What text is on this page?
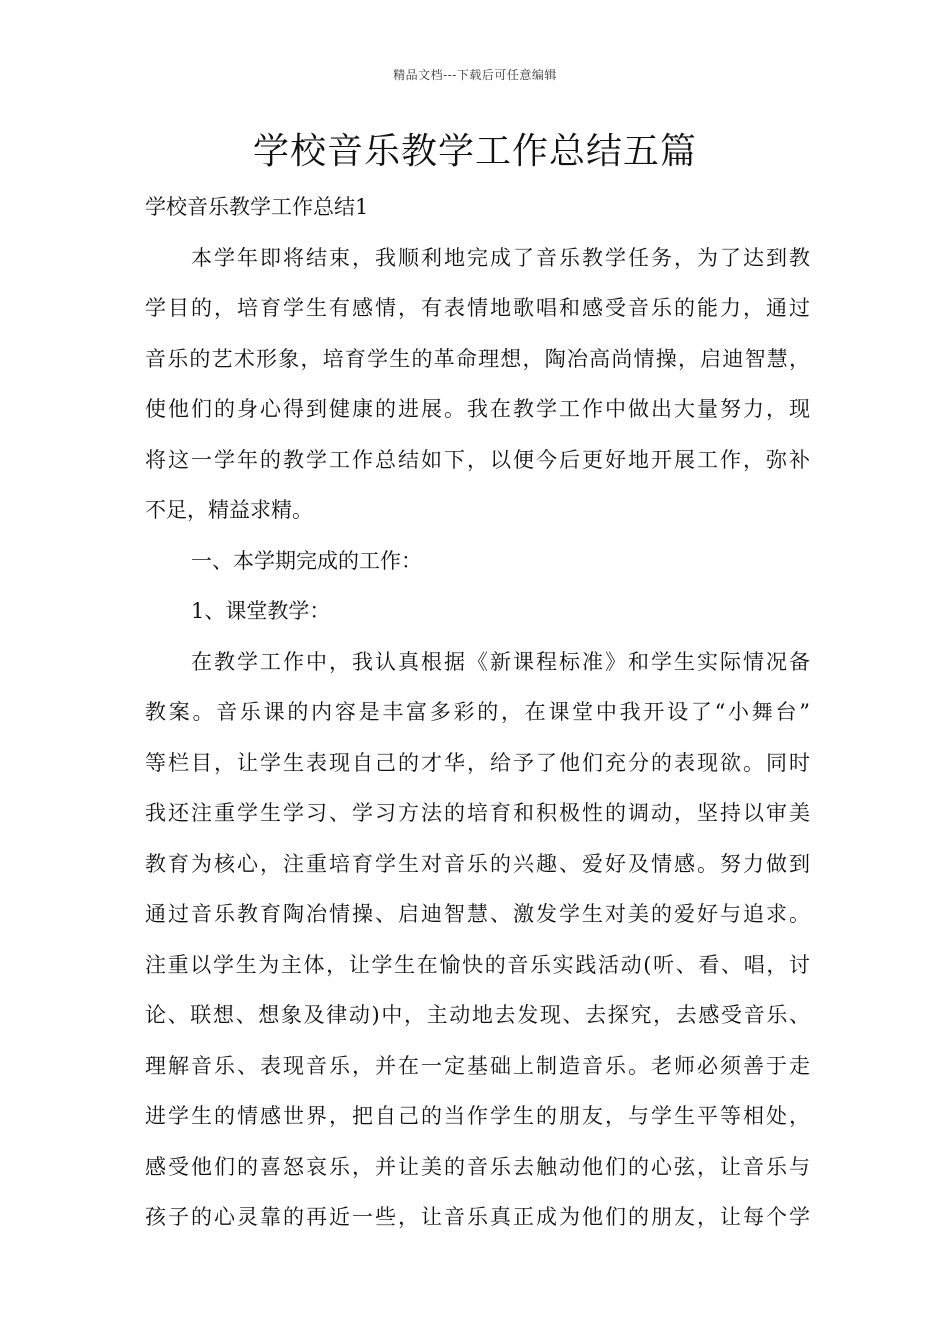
精品文档---下载后可任意编辑
学校音乐教学工作总结五篇
学校音乐教学工作总结1
本学年即将结束，我顺利地完成了音乐教学任务，为了达到教
学目的，培育学生有感情，有表情地歌唱和感受音乐的能力，通过
音乐的艺术形象，培育学生的革命理想，陶冶高尚情操，启迪智慧，
使他们的身心得到健康的进展。我在教学工作中做出大量努力，现
将这一学年的教学工作总结如下，以便今后更好地开展工作，弥补
不足，精益求精。
一、本学期完成的工作：
1、课堂教学：
在教学工作中，我认真根据《新课程标准》和学生实际情况备
教案。音乐课的内容是丰富多彩的，在课堂中我开设了“小舞台”
等栏目，让学生表现自己的才华，给予了他们充分的表现欲。同时
我还注重学生学习、学习方法的培育和积极性的调动，坚持以审美
教育为核心，注重培育学生对音乐的兴趣、爱好及情感。努力做到
通过音乐教育陶冶情操、启迪智慧、激发学生对美的爱好与追求。
注重以学生为主体，让学生在愉快的音乐实践活动(听、看、唱，讨
论、联想、想象及律动)中，主动地去发现、去探究，去感受音乐、
理解音乐、表现音乐，并在一定基础上制造音乐。老师必须善于走
进学生的情感世界，把自己的当作学生的朋友，与学生平等相处，
感受他们的喜怒哀乐，并让美的音乐去触动他们的心弦，让音乐与
孩子的心灵靠的再近一些，让音乐真正成为他们的朋友，让每个学
